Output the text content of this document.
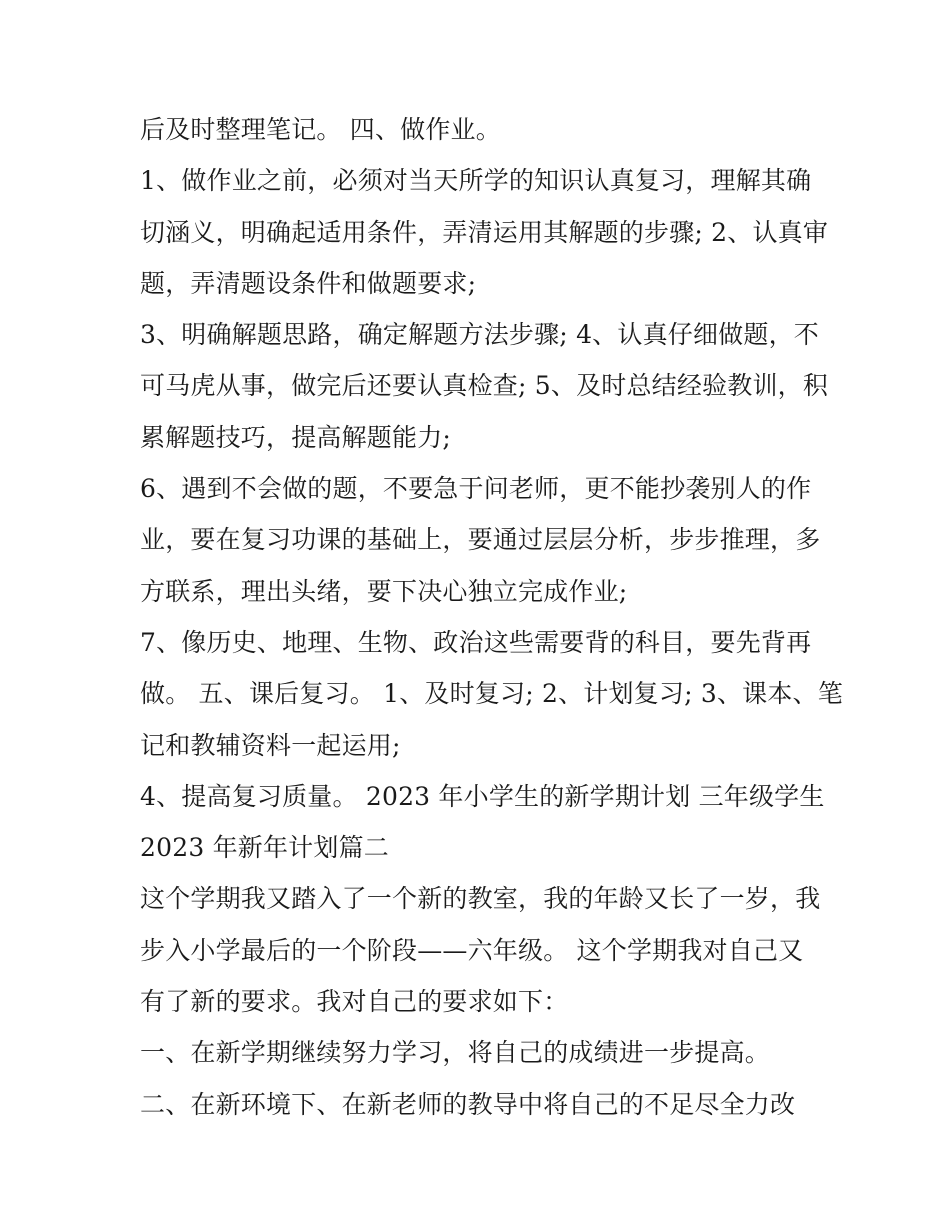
后及时整理笔记。 四、做作业。
1、做作业之前，必须对当天所学的知识认真复习，理解其确
切涵义，明确起适用条件，弄清运用其解题的步骤; 2、认真审
题，弄清题设条件和做题要求;
3、明确解题思路，确定解题方法步骤; 4、认真仔细做题，不
可马虎从事，做完后还要认真检查; 5、及时总结经验教训，积
累解题技巧，提高解题能力;
6、遇到不会做的题，不要急于问老师，更不能抄袭别人的作
业，要在复习功课的基础上，要通过层层分析，步步推理，多
方联系，理出头绪，要下决心独立完成作业;
7、像历史、地理、生物、政治这些需要背的科目，要先背再
做。 五、课后复习。 1、及时复习; 2、计划复习; 3、课本、笔
记和教辅资料一起运用;
4、提高复习质量。 2023 年小学生的新学期计划 三年级学生
2023 年新年计划篇二
这个学期我又踏入了一个新的教室，我的年龄又长了一岁，我
步入小学最后的一个阶段——六年级。 这个学期我对自己又
有了新的要求。我对自己的要求如下：
一、在新学期继续努力学习，将自己的成绩进一步提高。
二、在新环境下、在新老师的教导中将自己的不足尽全力改
